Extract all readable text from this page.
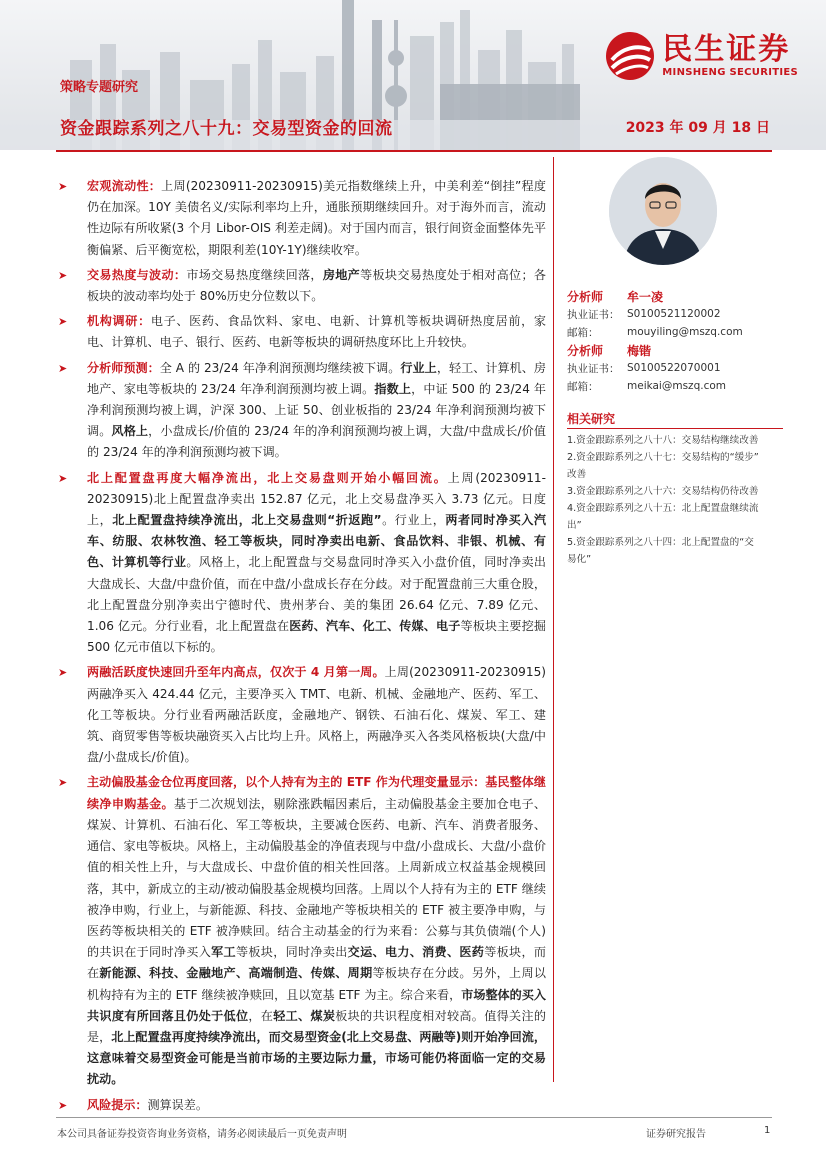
民生证券
MINSHENG SECURITIES
策略专题研究
资金跟踪系列之八十九：交易型资金的回流	2023 年 09 月 18 日
➤ 宏观流动性：上周(20230911-20230915)美元指数继续上升，中美利差“倒挂”程度仍在加深。10Y 美债名义/实际利率均上升，通胀预期继续回升。对于海外而言，流动性边际有所收紧(3 个月 Libor-OIS 利差走阔)。对于国内而言，银行间资金面整体先平衡偏紧、后平衡宽松，期限利差(10Y-1Y)继续收窄。
➤ 交易热度与波动：市场交易热度继续回落，房地产等板块交易热度处于相对高位；各板块的波动率均处于 80%历史分位数以下。
➤ 机构调研：电子、医药、食品饮料、家电、电新、计算机等板块调研热度居前，家电、计算机、电子、银行、医药、电新等板块的调研热度环比上升较快。
➤ 分析师预测：全 A 的 23/24 年净利润预测均继续被下调。行业上，轻工、计算机、房地产、家电等板块的 23/24 年净利润预测均被上调。指数上，中证 500 的 23/24 年净利润预测均被上调，沪深 300、上证 50、创业板指的 23/24 年净利润预测均被下调。风格上，小盘成长/价值的 23/24 年的净利润预测均被上调，大盘/中盘成长/价值的 23/24 年的净利润预测均被下调。
➤ 北上配置盘再度大幅净流出，北上交易盘则开始小幅回流。上周(20230911-20230915)北上配置盘净卖出 152.87 亿元，北上交易盘净买入 3.73 亿元。日度上，北上配置盘持续净流出，北上交易盘则“折返跑”。行业上，两者同时净买入汽车、纺服、农林牧渔、轻工等板块，同时净卖出电新、食品饮料、非银、机械、有色、计算机等行业。风格上，北上配置盘与交易盘同时净买入小盘价值，同时净卖出大盘成长、大盘/中盘价值，而在中盘/小盘成长存在分歧。对于配置盘前三大重仓股，北上配置盘分别净卖出宁德时代、贵州茅台、美的集团 26.64 亿元、7.89 亿元、1.06 亿元。分行业看，北上配置盘在医药、汽车、化工、传媒、电子等板块主要挖掘 500 亿元市值以下标的。
➤ 两融活跃度快速回升至年内高点，仅次于 4 月第一周。上周(20230911-20230915)两融净买入 424.44 亿元，主要净买入 TMT、电新、机械、金融地产、医药、军工、化工等板块。分行业看两融活跃度，金融地产、钢铁、石油石化、煤炭、军工、建筑、商贸零售等板块融资买入占比均上升。风格上，两融净买入各类风格板块(大盘/中盘/小盘成长/价值)。
➤ 主动偏股基金仓位再度回落，以个人持有为主的 ETF 作为代理变量显示：基民整体继续净申购基金。基于二次规划法，剔除涨跌幅因素后，主动偏股基金主要加仓电子、煤炭、计算机、石油石化、军工等板块，主要减仓医药、电新、汽车、消费者服务、通信、家电等板块。风格上，主动偏股基金的净值表现与中盘/小盘成长、大盘/小盘价值的相关性上升，与大盘成长、中盘价值的相关性回落。上周新成立权益基金规模回落，其中，新成立的主动/被动偏股基金规模均回落。上周以个人持有为主的 ETF 继续被净申购，行业上，与新能源、科技、金融地产等板块相关的 ETF 被主要净申购，与医药等板块相关的 ETF 被净赎回。结合主动基金的行为来看：公募与其负债端(个人)的共识在于同时净买入军工等板块，同时净卖出交运、电力、消费、医药等板块，而在新能源、科技、金融地产、高端制造、传媒、周期等板块存在分歧。另外，上周以机构持有为主的 ETF 继续被净赎回，且以宽基 ETF 为主。综合来看，市场整体的买入共识度有所回落且仍处于低位，在轻工、煤炭板块的共识程度相对较高。值得关注的是，北上配置盘再度持续净流出，而交易型资金(北上交易盘、两融等)则开始净回流，这意味着交易型资金可能是当前市场的主要边际力量，市场可能仍将面临一定的交易扰动。
➤ 风险提示：测算误差。
分析师	牟一凌
执业证书： S0100521120002
邮箱：	mouyiling@mszq.com
分析师	梅锴
执业证书： S0100522070001
邮箱：	meikai@mszq.com
相关研究
1.资金跟踪系列之八十八：交易结构继续改善
2.资金跟踪系列之八十七：交易结构的“缓步”
改善
3.资金跟踪系列之八十六：交易结构仍待改善
4.资金跟踪系列之八十五：北上配置盘继续流
出”
5.资金跟踪系列之八十四：北上配置盘的“交
易化”
本公司具备证券投资咨询业务资格，请务必阅读最后一页免责声明	证券研究报告	1
